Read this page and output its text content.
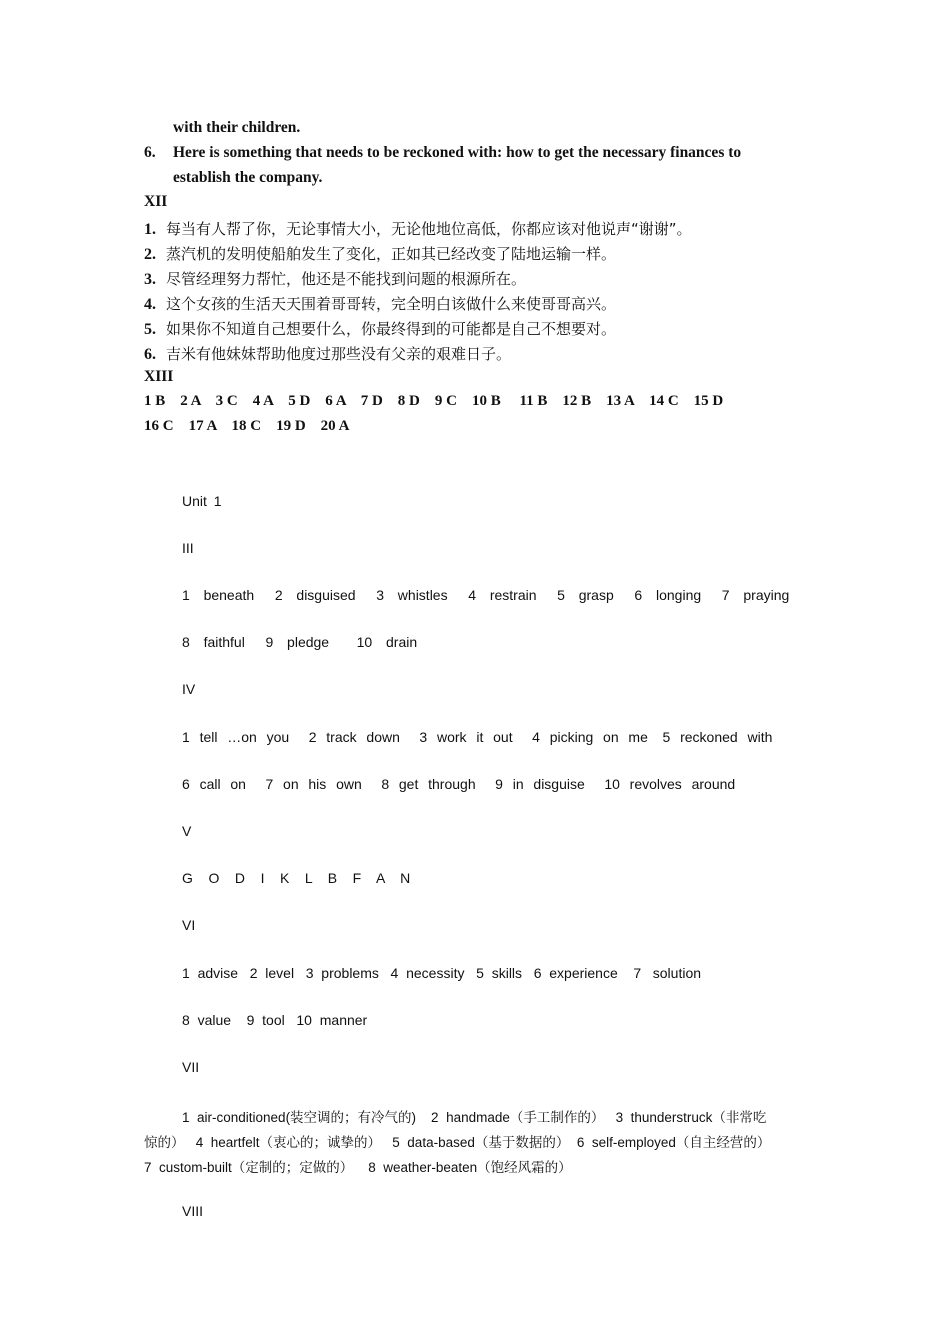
with their children.
6. Here is something that needs to be reckoned with: how to get the necessary finances to
establish the company.
XII
1. 每当有人帮了你，无论事情大小，无论他地位高低，你都应该对他说声“谢谢”。
2. 蒸汽机的发明使船舶发生了变化，正如其已经改变了陆地运输一样。
3. 尽管经理努力帮忙，他还是不能找到问题的根源所在。
4. 这个女孩的生活天天围着哥哥转，完全明白该做什么来使哥哥高兴。
5. 如果你不知道自己想要什么，你最终得到的可能都是自己不想要对。
6. 吉米有他妹妹帮助他度过那些没有父亲的艰难日子。
XIII
1 B    2 A    3 C    4 A    5 D    6 A    7 D    8 D    9 C    10 B     11 B    12 B    13 A    14 C    15 D
16 C    17 A    18 C    19 D    20 A
Unit 1
III
1  beneath   2  disguised   3  whistles   4  restrain   5  grasp   6  longing   7  praying
8  faithful   9  pledge    10  drain
IV
1  tell  …on  you    2  track  down    3  work  it  out    4  picking  on  me   5  reckoned  with
6  call  on    7  on  his  own    8  get  through    9  in  disguise    10  revolves  around
V
G    O    D    I    K    L    B    F    A    N
VI
1  advise   2  level   3  problems   4  necessity   5  skills   6  experience    7   solution
8  value    9  tool   10  manner
VII
1  air-conditioned(装空调的；有冷气的)    2  handmade（手工制作的）   3  thunderstruck（非常吃
惊的）   4  heartfelt（衷心的；诚挚的）   5  data-based（基于数据的）  6  self-employed（自主经营的）
7  custom-built（定制的；定做的）    8  weather-beaten（饱经风霜的）
VIII
